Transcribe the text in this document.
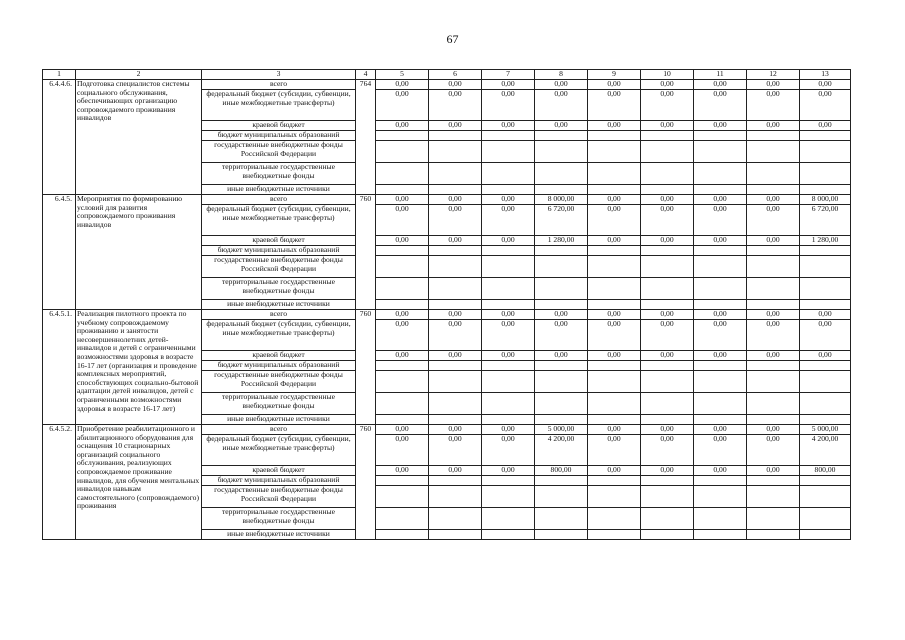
67
1	2	3	4	5	6	7	8	9	10	11	12	13
6.4.4.6.	Подготовка специалистов системы социального обслуживания, обеспечивающих организацию сопровождаемого проживания инвалидов	всего	764	0,00	0,00	0,00	0,00	0,00	0,00	0,00	0,00	0,00
		федеральный бюджет (субсидии, субвенции, иные межбюджетные трансферты)		0,00	0,00	0,00	0,00	0,00	0,00	0,00	0,00	0,00
		краевой бюджет		0,00	0,00	0,00	0,00	0,00	0,00	0,00	0,00	0,00
		бюджет муниципальных образований										
		государственные внебюджетные фонды Российской Федерации										
		территориальные государственные внебюджетные фонды										
		иные внебюджетные источники										
6.4.5.	Мероприятия по формированию условий для развития сопровождаемого проживания инвалидов	всего	760	0,00	0,00	0,00	8 000,00	0,00	0,00	0,00	0,00	8 000,00
		федеральный бюджет (субсидии, субвенции, иные межбюджетные трансферты)		0,00	0,00	0,00	6 720,00	0,00	0,00	0,00	0,00	6 720,00
		краевой бюджет		0,00	0,00	0,00	1 280,00	0,00	0,00	0,00	0,00	1 280,00
		бюджет муниципальных образований										
		государственные внебюджетные фонды Российской Федерации										
		территориальные государственные внебюджетные фонды										
		иные внебюджетные источники										
6.4.5.1.	Реализация пилотного проекта по учебному сопровождаемому проживанию и занятости несовершеннолетних детей-инвалидов и детей с ограниченными возможностями здоровья в возрасте 16-17 лет (организация и проведение комплексных мероприятий, способствующих социально-бытовой адаптации детей инвалидов, детей с ограниченными возможностями здоровья в возрасте 16-17 лет)	всего	760	0,00	0,00	0,00	0,00	0,00	0,00	0,00	0,00	0,00
		федеральный бюджет (субсидии, субвенции, иные межбюджетные трансферты)		0,00	0,00	0,00	0,00	0,00	0,00	0,00	0,00	0,00
		краевой бюджет		0,00	0,00	0,00	0,00	0,00	0,00	0,00	0,00	0,00
		бюджет муниципальных образований										
		государственные внебюджетные фонды Российской Федерации										
		территориальные государственные внебюджетные фонды										
		иные внебюджетные источники										
6.4.5.2.	Приобретение реабилитационного и абилитационного оборудования для оснащения 10 стационарных организаций социального обслуживания, реализующих сопровождаемое проживание инвалидов, для обучения ментальных инвалидов навыкам самостоятельного (сопровождаемого) проживания	всего	760	0,00	0,00	0,00	5 000,00	0,00	0,00	0,00	0,00	5 000,00
		федеральный бюджет (субсидии, субвенции, иные межбюджетные трансферты)		0,00	0,00	0,00	4 200,00	0,00	0,00	0,00	0,00	4 200,00
		краевой бюджет		0,00	0,00	0,00	800,00	0,00	0,00	0,00	0,00	800,00
		бюджет муниципальных образований										
		государственные внебюджетные фонды Российской Федерации										
		территориальные государственные внебюджетные фонды										
		иные внебюджетные источники										
